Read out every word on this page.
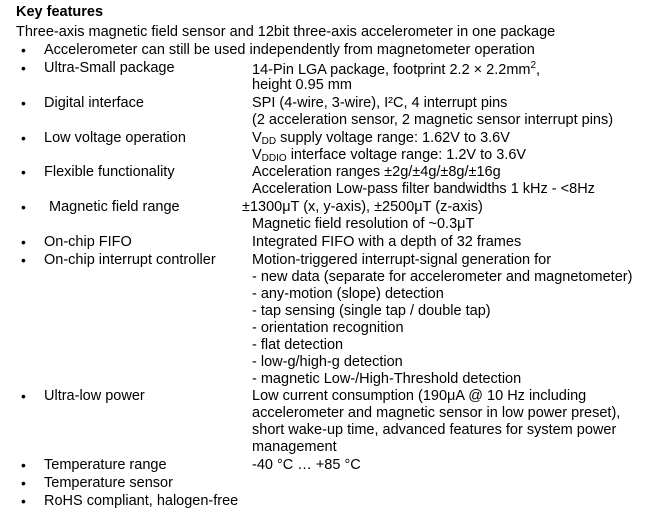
Key features
Three-axis magnetic field sensor and 12bit three-axis accelerometer in one package
• Accelerometer can still be used independently from magnetometer operation
• Ultra-Small package	14-Pin LGA package, footprint $2.2 \times 2.2mm^2$,
height 0.95 mm
• Digital interface	SPI (4-wire, 3-wire), I²C, 4 interrupt pins
(2 acceleration sensor, 2 magnetic sensor interrupt pins)
• Low voltage operation	$V_{DD}$ supply voltage range: 1.62V to 3.6V
$V_{DDIO}$ interface voltage range: 1.2V to 3.6V
• Flexible functionality	Acceleration ranges ±2g/±4g/±8g/±16g
Acceleration Low-pass filter bandwidths 1 kHz - <8Hz
• Magnetic field range	±1300μT (x, y-axis), ±2500μT (z-axis)
Magnetic field resolution of ~0.3μT
• On-chip FIFO	Integrated FIFO with a depth of 32 frames
• On-chip interrupt controller	Motion-triggered interrupt-signal generation for
- new data (separate for accelerometer and magnetometer)
- any-motion (slope) detection
- tap sensing (single tap / double tap)
- orientation recognition
- flat detection
- low-g/high-g detection
- magnetic Low-/High-Threshold detection
• Ultra-low power	Low current consumption (190μA @ 10 Hz including
accelerometer and magnetic sensor in low power preset),
short wake-up time, advanced features for system power
management
• Temperature range	-40 °C … +85 °C
• Temperature sensor
• RoHS compliant, halogen-free
